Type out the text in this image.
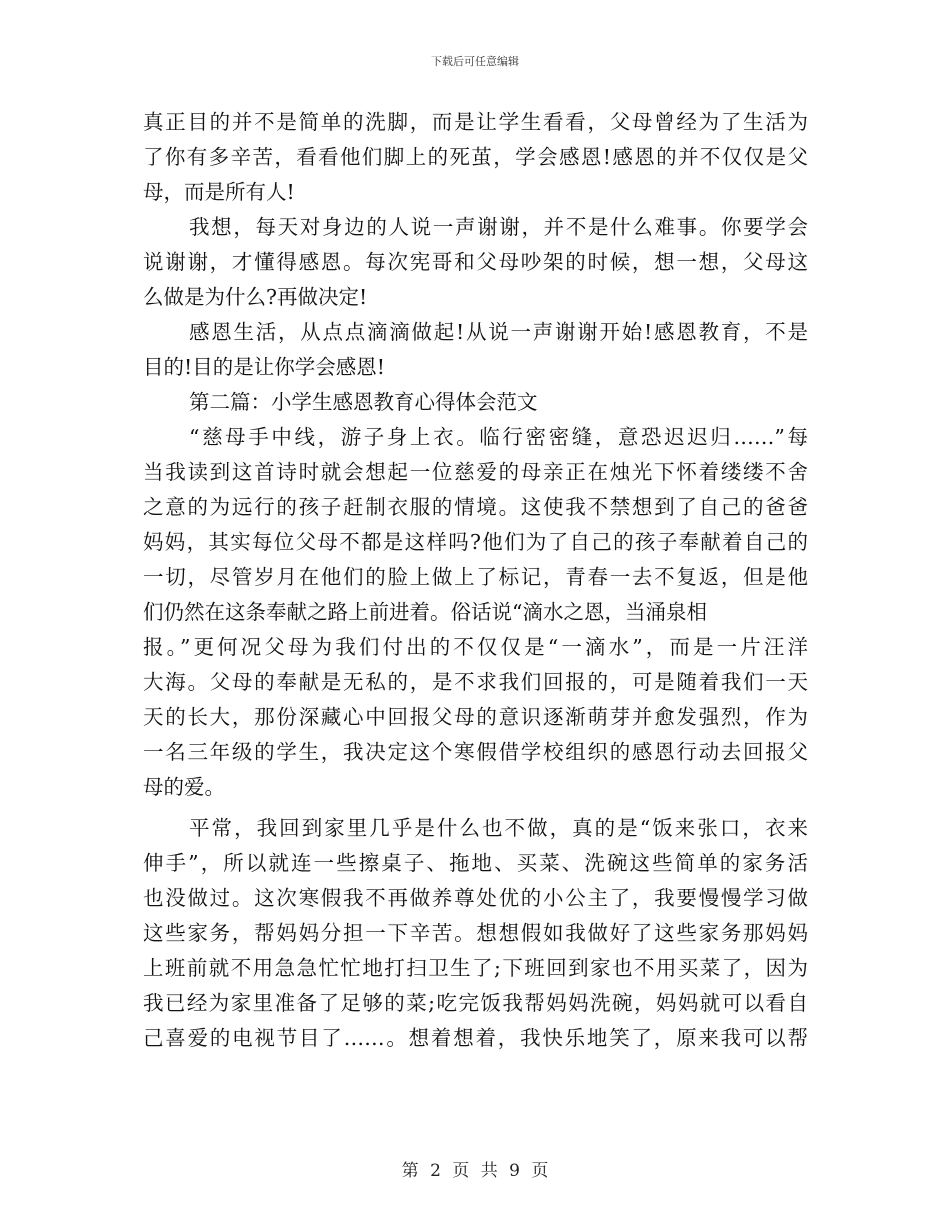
下载后可任意编辑
真正目的并不是简单的洗脚，而是让学生看看，父母曾经为了生活为
了你有多辛苦，看看他们脚上的死茧，学会感恩!感恩的并不仅仅是父
母，而是所有人!
我想，每天对身边的人说一声谢谢，并不是什么难事。你要学会
说谢谢，才懂得感恩。每次宪哥和父母吵架的时候，想一想，父母这
么做是为什么?再做决定!
感恩生活，从点点滴滴做起!从说一声谢谢开始!感恩教育，不是
目的!目的是让你学会感恩!
第二篇：小学生感恩教育心得体会范文
“慈母手中线，游子身上衣。临行密密缝，意恐迟迟归……”每
当我读到这首诗时就会想起一位慈爱的母亲正在烛光下怀着缕缕不舍
之意的为远行的孩子赶制衣服的情境。这使我不禁想到了自己的爸爸
妈妈，其实每位父母不都是这样吗?他们为了自己的孩子奉献着自己的
一切，尽管岁月在他们的脸上做上了标记，青春一去不复返，但是他
们仍然在这条奉献之路上前进着。俗话说“滴水之恩，当涌泉相
报。”更何况父母为我们付出的不仅仅是“一滴水”，而是一片汪洋
大海。父母的奉献是无私的，是不求我们回报的，可是随着我们一天
天的长大，那份深藏心中回报父母的意识逐渐萌芽并愈发强烈，作为
一名三年级的学生，我决定这个寒假借学校组织的感恩行动去回报父
母的爱。
平常，我回到家里几乎是什么也不做，真的是“饭来张口，衣来
伸手”，所以就连一些擦桌子、拖地、买菜、洗碗这些简单的家务活
也没做过。这次寒假我不再做养尊处优的小公主了，我要慢慢学习做
这些家务，帮妈妈分担一下辛苦。想想假如我做好了这些家务那妈妈
上班前就不用急急忙忙地打扫卫生了;下班回到家也不用买菜了，因为
我已经为家里准备了足够的菜;吃完饭我帮妈妈洗碗，妈妈就可以看自
己喜爱的电视节目了……。想着想着，我快乐地笑了，原来我可以帮
第 2 页 共 9 页
